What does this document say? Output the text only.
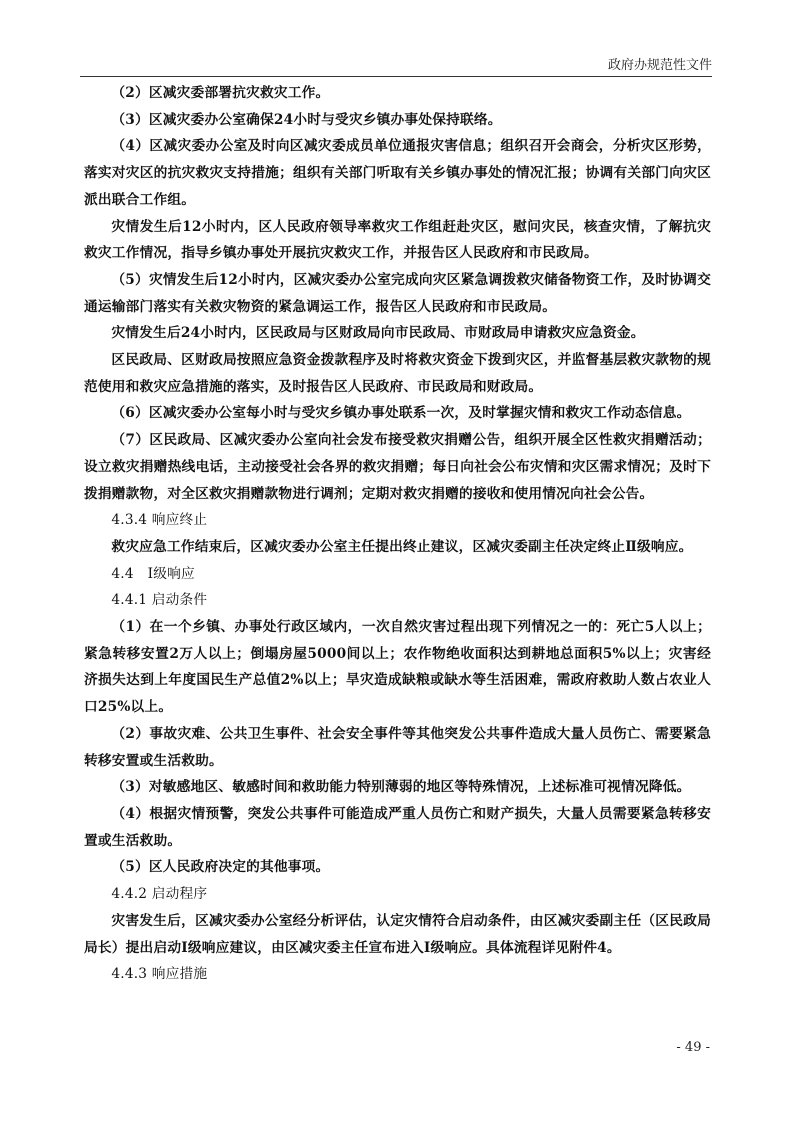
政府办规范性文件

（2）区减灾委部署抗灾救灾工作。

（3）区减灾委办公室确保24小时与受灾乡镇办事处保持联络。

（4）区减灾委办公室及时向区减灾委成员单位通报灾害信息；组织召开会商会，分析灾区形势，落实对灾区的抗灾救灾支持措施；组织有关部门听取有关乡镇办事处的情况汇报；协调有关部门向灾区派出联合工作组。

灾情发生后12小时内，区人民政府领导率救灾工作组赶赴灾区，慰问灾民，核查灾情，了解抗灾救灾工作情况，指导乡镇办事处开展抗灾救灾工作，并报告区人民政府和市民政局。

（5）灾情发生后12小时内，区减灾委办公室完成向灾区紧急调拨救灾储备物资工作，及时协调交通运输部门落实有关救灾物资的紧急调运工作，报告区人民政府和市民政局。

灾情发生后24小时内，区民政局与区财政局向市民政局、市财政局申请救灾应急资金。

区民政局、区财政局按照应急资金拨款程序及时将救灾资金下拨到灾区，并监督基层救灾款物的规范使用和救灾应急措施的落实，及时报告区人民政府、市民政局和财政局。

（6）区减灾委办公室每小时与受灾乡镇办事处联系一次，及时掌握灾情和救灾工作动态信息。

（7）区民政局、区减灾委办公室向社会发布接受救灾捐赠公告，组织开展全区性救灾捐赠活动；设立救灾捐赠热线电话，主动接受社会各界的救灾捐赠；每日向社会公布灾情和灾区需求情况；及时下拨捐赠款物，对全区救灾捐赠款物进行调剂；定期对救灾捐赠的接收和使用情况向社会公告。

4.3.4 响应终止

救灾应急工作结束后，区减灾委办公室主任提出终止建议，区减灾委副主任决定终止Ⅱ级响应。

4.4　Ⅰ级响应

4.4.1 启动条件

（1）在一个乡镇、办事处行政区域内，一次自然灾害过程出现下列情况之一的：死亡5人以上；紧急转移安置2万人以上；倒塌房屋5000间以上；农作物绝收面积达到耕地总面积5%以上；灾害经济损失达到上年度国民生产总值2%以上；旱灾造成缺粮或缺水等生活困难，需政府救助人数占农业人口25%以上。

（2）事故灾难、公共卫生事件、社会安全事件等其他突发公共事件造成大量人员伤亡、需要紧急转移安置或生活救助。

（3）对敏感地区、敏感时间和救助能力特别薄弱的地区等特殊情况，上述标准可视情况降低。

（4）根据灾情预警，突发公共事件可能造成严重人员伤亡和财产损失，大量人员需要紧急转移安置或生活救助。

（5）区人民政府决定的其他事项。

4.4.2 启动程序

灾害发生后，区减灾委办公室经分析评估，认定灾情符合启动条件，由区减灾委副主任（区民政局局长）提出启动Ⅰ级响应建议，由区减灾委主任宣布进入Ⅰ级响应。具体流程详见附件4。

4.4.3 响应措施

- 49 -
